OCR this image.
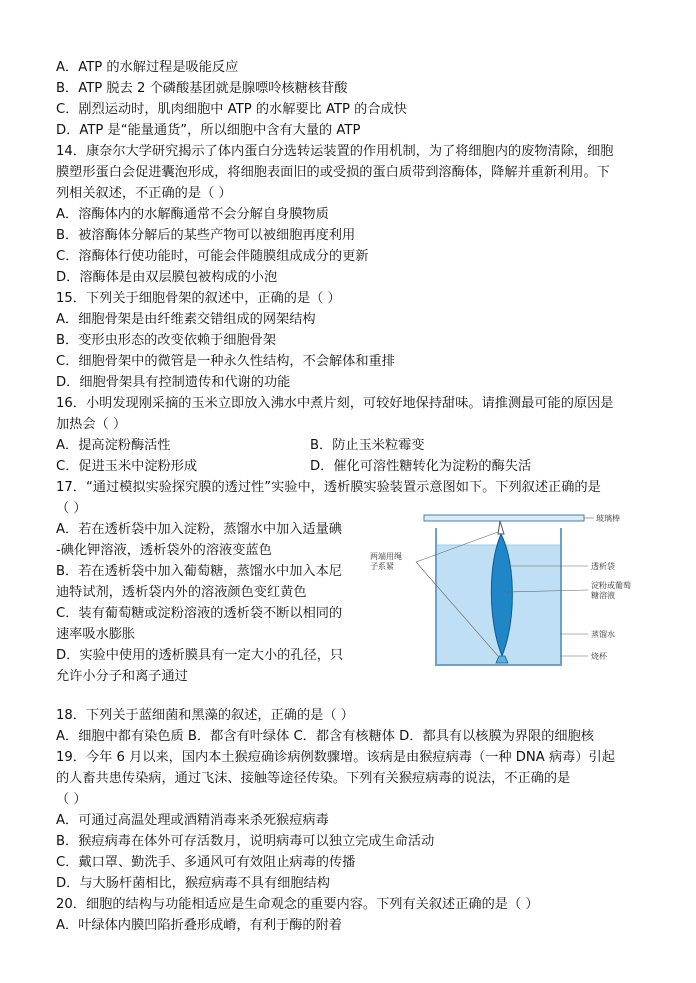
A．ATP 的水解过程是吸能反应
B．ATP 脱去 2 个磷酸基团就是腺嘌呤核糖核苷酸
C．剧烈运动时，肌肉细胞中 ATP 的水解要比 ATP 的合成快
D．ATP 是“能量通货”，所以细胞中含有大量的 ATP
14．康奈尔大学研究揭示了体内蛋白分选转运装置的作用机制，为了将细胞内的废物清除，细胞
膜塑形蛋白会促进囊泡形成，将细胞表面旧的或受损的蛋白质带到溶酶体，降解并重新利用。下
列相关叙述，不正确的是（ ）
A．溶酶体内的水解酶通常不会分解自身膜物质
B．被溶酶体分解后的某些产物可以被细胞再度利用
C．溶酶体行使功能时，可能会伴随膜组成成分的更新
D．溶酶体是由双层膜包被构成的小泡
15．下列关于细胞骨架的叙述中，正确的是（ ）
A．细胞骨架是由纤维素交错组成的网架结构
B．变形虫形态的改变依赖于细胞骨架
C．细胞骨架中的微管是一种永久性结构，不会解体和重排
D．细胞骨架具有控制遗传和代谢的功能
16．小明发现刚采摘的玉米立即放入沸水中煮片刻，可较好地保持甜味。请推测最可能的原因是
加热会（ ）
A．提高淀粉酶活性	B．防止玉米粒霉变
C．促进玉米中淀粉形成	D．催化可溶性糖转化为淀粉的酶失活
17．“通过模拟实验探究膜的透过性”实验中，透析膜实验装置示意图如下。下列叙述正确的是
（ ）
A．若在透析袋中加入淀粉，蒸馏水中加入适量碘
-碘化钾溶液，透析袋外的溶液变蓝色
B．若在透析袋中加入葡萄糖，蒸馏水中加入本尼
迪特试剂，透析袋内外的溶液颜色变红黄色
C．装有葡萄糖或淀粉溶液的透析袋不断以相同的
速率吸水膨胀
D．实验中使用的透析膜具有一定大小的孔径，只
允许小分子和离子通过
玻璃棒
两端用绳
子系紧	透析袋
淀粉或葡萄
糖溶液
蒸馏水
烧杯
18．下列关于蓝细菌和黑藻的叙述，正确的是（ ）
A．细胞中都有染色质 B．都含有叶绿体 C．都含有核糖体 D．都具有以核膜为界限的细胞核
19．今年 6 月以来，国内本土猴痘确诊病例数骤增。该病是由猴痘病毒（一种 DNA 病毒）引起
的人畜共患传染病，通过飞沫、接触等途径传染。下列有关猴痘病毒的说法，不正确的是
（ ）
A．可通过高温处理或酒精消毒来杀死猴痘病毒
B．猴痘病毒在体外可存活数月，说明病毒可以独立完成生命活动
C．戴口罩、勤洗手、多通风可有效阻止病毒的传播
D．与大肠杆菌相比，猴痘病毒不具有细胞结构
20．细胞的结构与功能相适应是生命观念的重要内容。下列有关叙述正确的是（ ）
A．叶绿体内膜凹陷折叠形成嵴，有利于酶的附着
